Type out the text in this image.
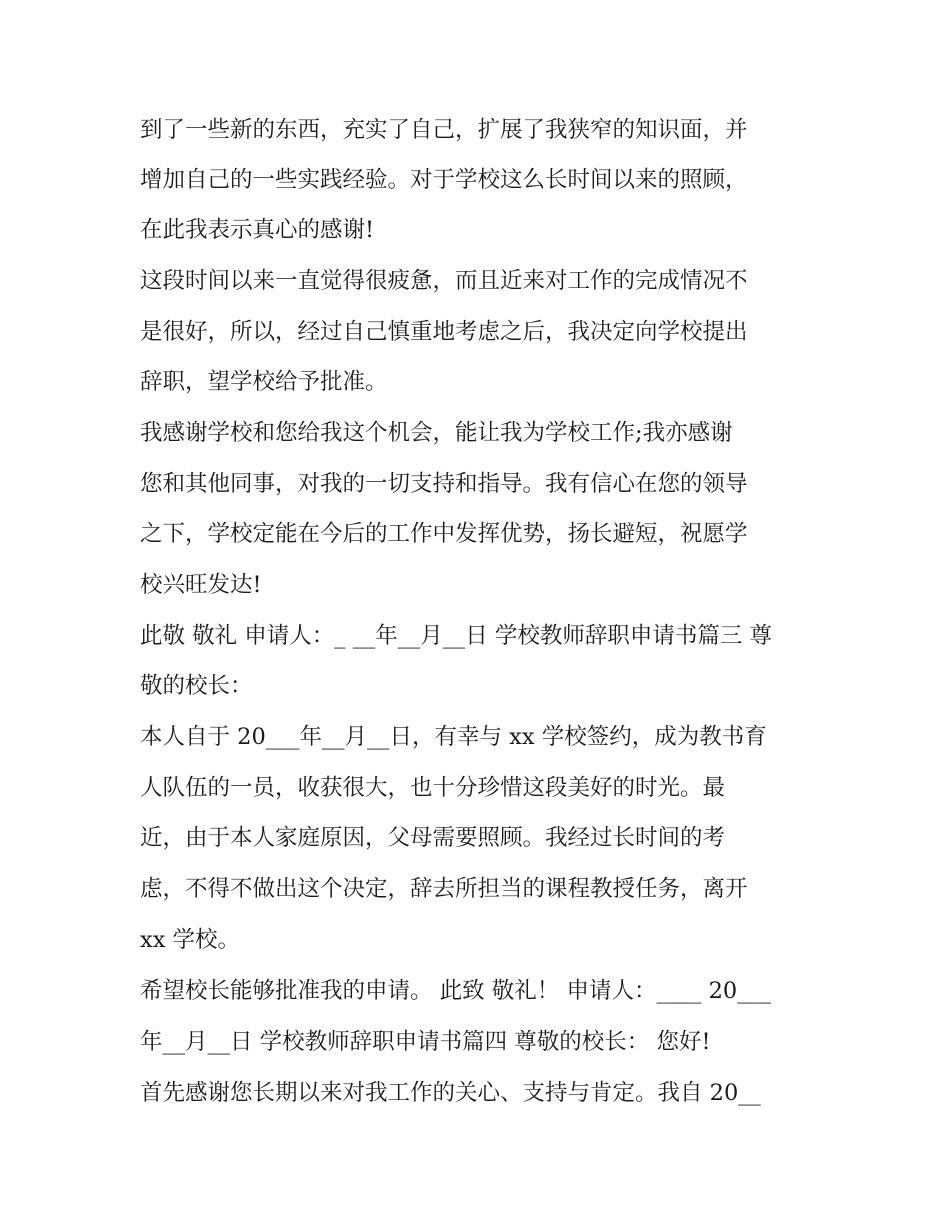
到了一些新的东西，充实了自己，扩展了我狭窄的知识面，并
增加自己的一些实践经验。对于学校这么长时间以来的照顾，
在此我表示真心的感谢!
这段时间以来一直觉得很疲惫，而且近来对工作的完成情况不
是很好，所以，经过自己慎重地考虑之后，我决定向学校提出
辞职，望学校给予批准。
我感谢学校和您给我这个机会，能让我为学校工作;我亦感谢
您和其他同事，对我的一切支持和指导。我有信心在您的领导
之下，学校定能在今后的工作中发挥优势，扬长避短，祝愿学
校兴旺发达!
此敬 敬礼 申请人：_ __年__月__日 学校教师辞职申请书篇三 尊
敬的校长：
本人自于 20___年__月__日，有幸与 xx 学校签约，成为教书育
人队伍的一员，收获很大，也十分珍惜这段美好的时光。最
近，由于本人家庭原因，父母需要照顾。我经过长时间的考
虑，不得不做出这个决定，辞去所担当的课程教授任务，离开
xx 学校。
希望校长能够批准我的申请。 此致 敬礼！ 申请人：____ 20___
年__月__日 学校教师辞职申请书篇四 尊敬的校长： 您好!
首先感谢您长期以来对我工作的关心、支持与肯定。我自 20__
